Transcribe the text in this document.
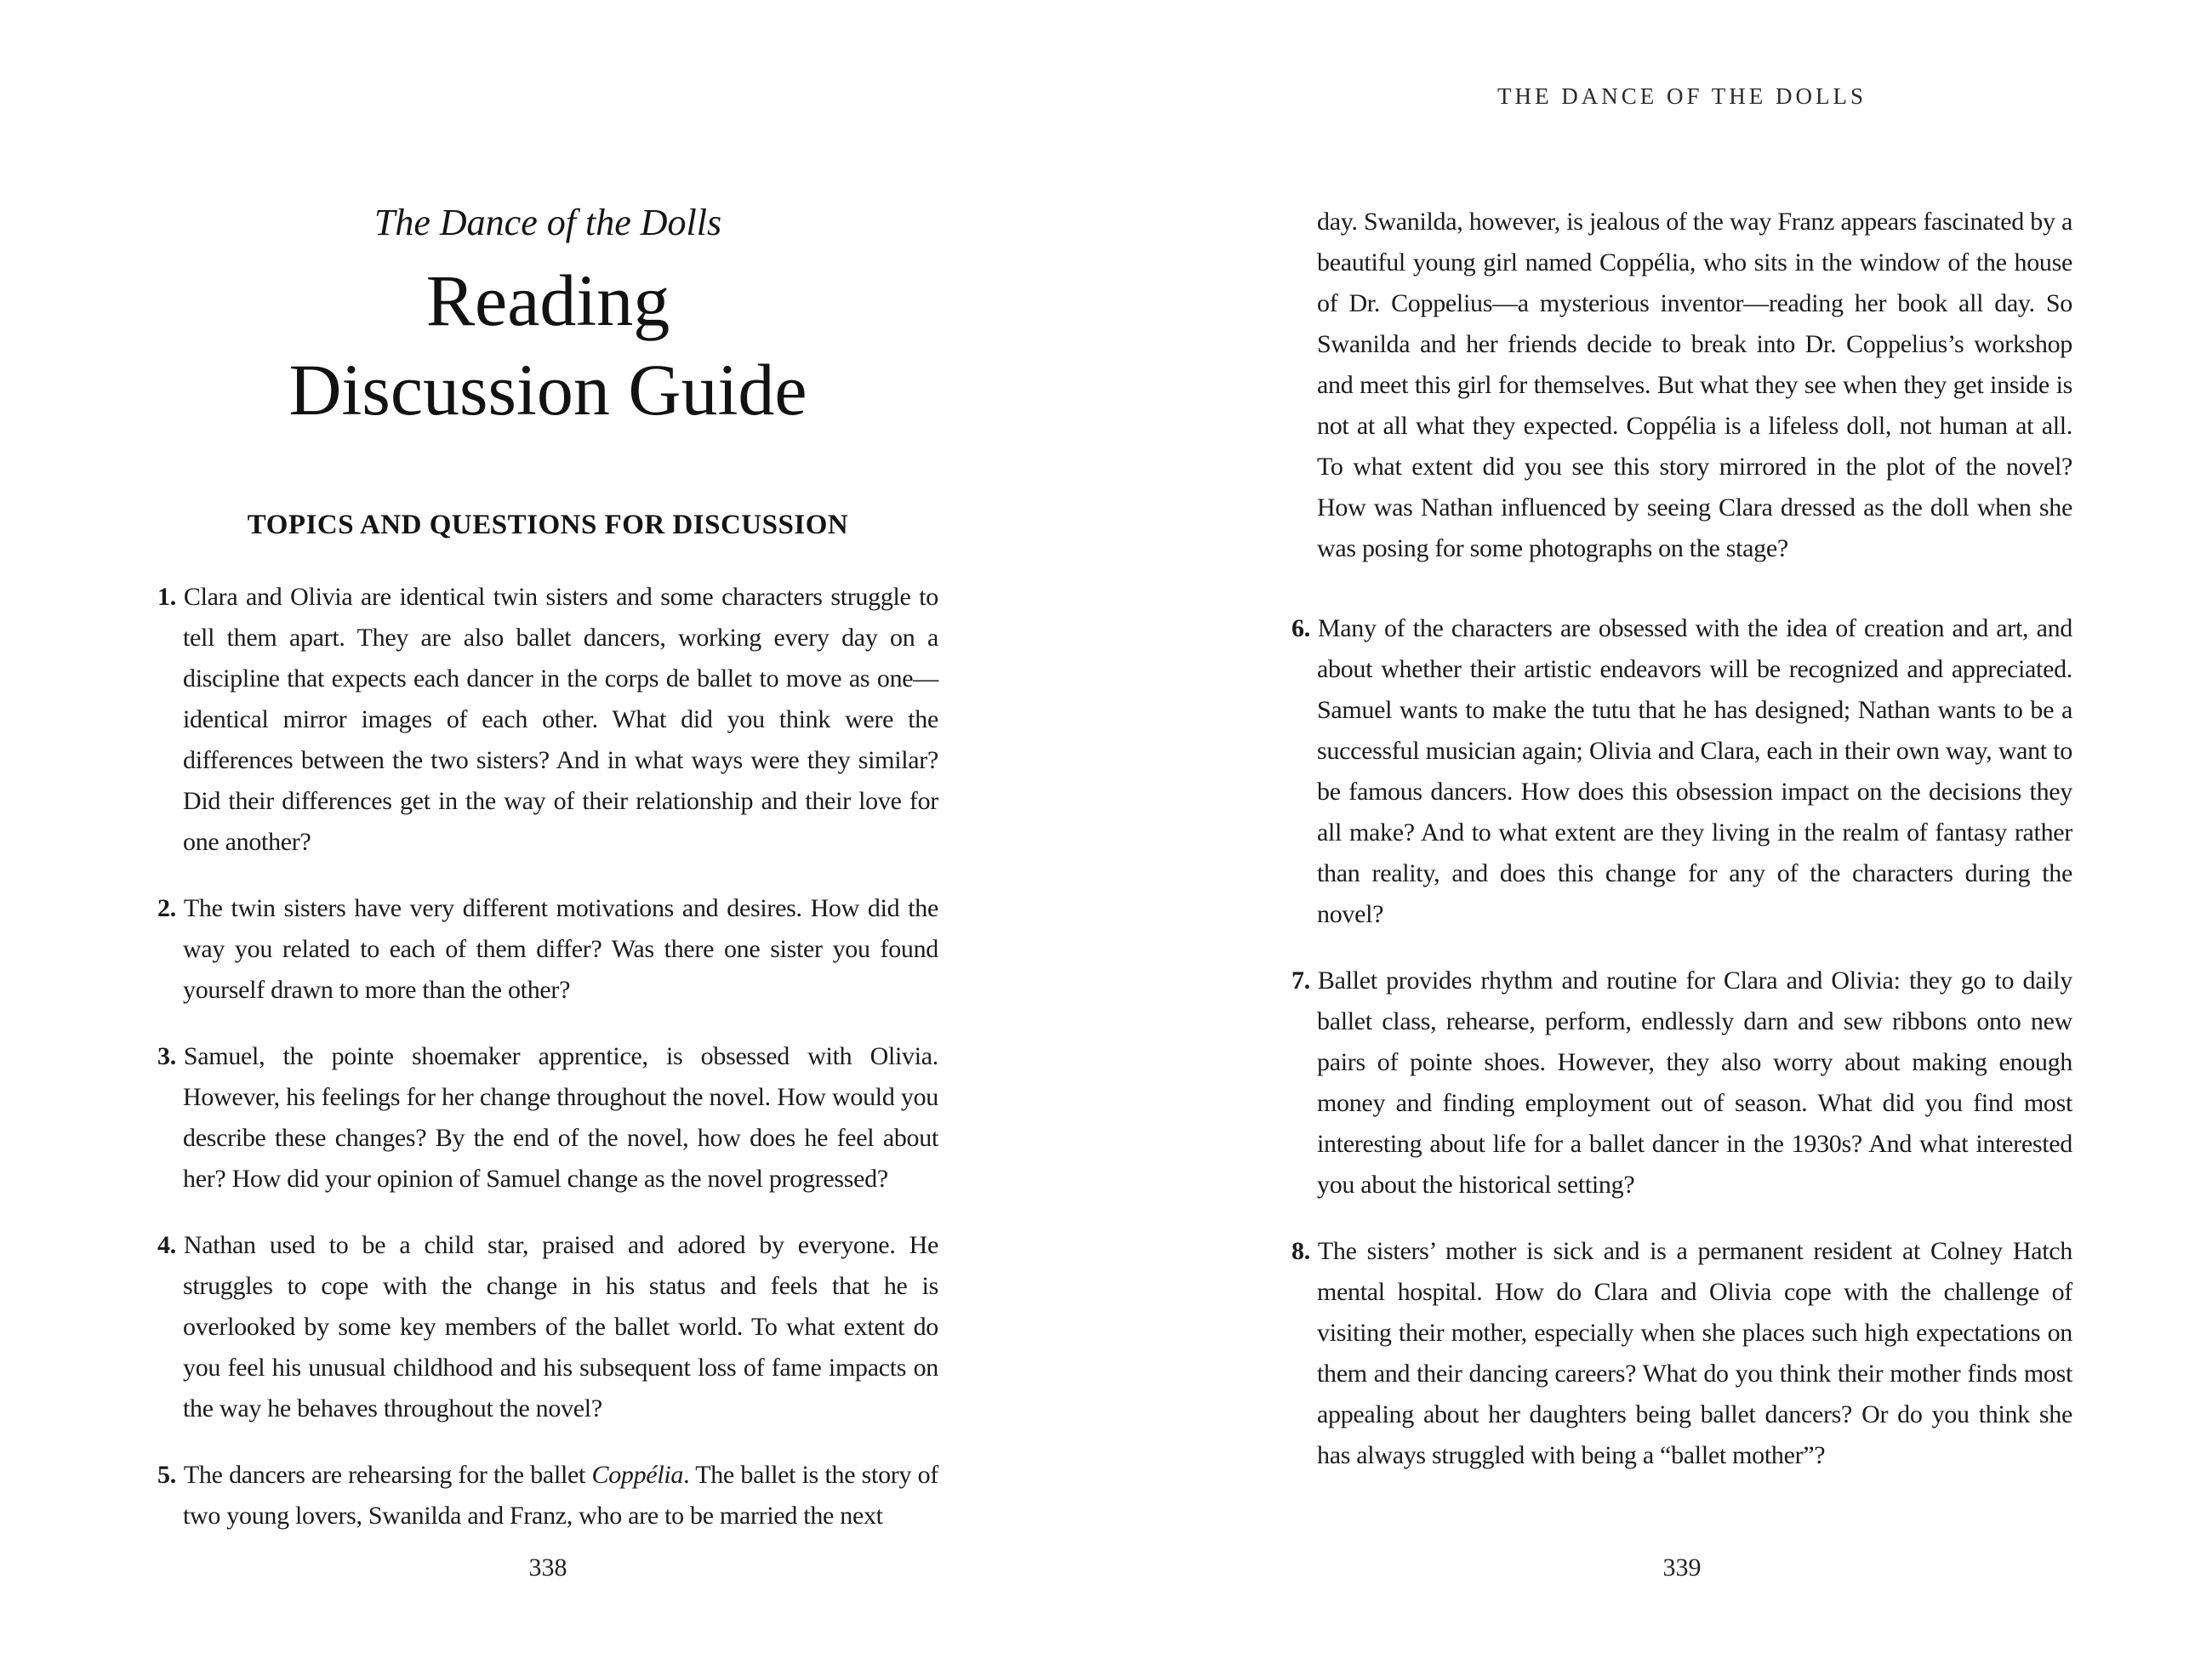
The Dance of the Dolls
Reading
Discussion Guide
TOPICS AND QUESTIONS FOR DISCUSSION
1. Clara and Olivia are identical twin sisters and some characters struggle to tell them apart. They are also ballet dancers, working every day on a discipline that expects each dancer in the corps de ballet to move as one—identical mirror images of each other. What did you think were the differences between the two sisters? And in what ways were they similar? Did their differences get in the way of their relationship and their love for one another?
2. The twin sisters have very different motivations and desires. How did the way you related to each of them differ? Was there one sister you found yourself drawn to more than the other?
3. Samuel, the pointe shoemaker apprentice, is obsessed with Olivia. However, his feelings for her change throughout the novel. How would you describe these changes? By the end of the novel, how does he feel about her? How did your opinion of Samuel change as the novel progressed?
4. Nathan used to be a child star, praised and adored by everyone. He struggles to cope with the change in his status and feels that he is overlooked by some key members of the ballet world. To what extent do you feel his unusual childhood and his subsequent loss of fame impacts on the way he behaves throughout the novel?
5. The dancers are rehearsing for the ballet Coppélia. The ballet is the story of two young lovers, Swanilda and Franz, who are to be married the next
338
THE DANCE OF THE DOLLS
day. Swanilda, however, is jealous of the way Franz appears fascinated by a beautiful young girl named Coppélia, who sits in the window of the house of Dr. Coppelius—a mysterious inventor—reading her book all day. So Swanilda and her friends decide to break into Dr. Coppelius’s workshop and meet this girl for themselves. But what they see when they get inside is not at all what they expected. Coppélia is a lifeless doll, not human at all. To what extent did you see this story mirrored in the plot of the novel? How was Nathan influenced by seeing Clara dressed as the doll when she was posing for some photographs on the stage?
6. Many of the characters are obsessed with the idea of creation and art, and about whether their artistic endeavors will be recognized and appreciated. Samuel wants to make the tutu that he has designed; Nathan wants to be a successful musician again; Olivia and Clara, each in their own way, want to be famous dancers. How does this obsession impact on the decisions they all make? And to what extent are they living in the realm of fantasy rather than reality, and does this change for any of the characters during the novel?
7. Ballet provides rhythm and routine for Clara and Olivia: they go to daily ballet class, rehearse, perform, endlessly darn and sew ribbons onto new pairs of pointe shoes. However, they also worry about making enough money and finding employment out of season. What did you find most interesting about life for a ballet dancer in the 1930s? And what interested you about the historical setting?
8. The sisters’ mother is sick and is a permanent resident at Colney Hatch mental hospital. How do Clara and Olivia cope with the challenge of visiting their mother, especially when she places such high expectations on them and their dancing careers? What do you think their mother finds most appealing about her daughters being ballet dancers? Or do you think she has always struggled with being a “ballet mother”?
339
